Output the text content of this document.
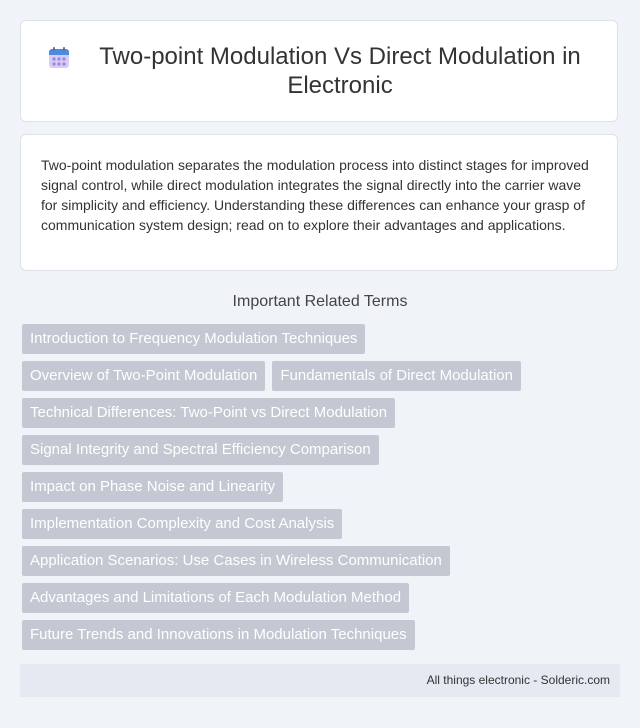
Two-point Modulation Vs Direct Modulation in Electronic

Two-point modulation separates the modulation process into distinct stages for improved signal control, while direct modulation integrates the signal directly into the carrier wave for simplicity and efficiency. Understanding these differences can enhance your grasp of communication system design; read on to explore their advantages and applications.

Important Related Terms
Introduction to Frequency Modulation Techniques
Overview of Two-Point Modulation	Fundamentals of Direct Modulation
Technical Differences: Two-Point vs Direct Modulation
Signal Integrity and Spectral Efficiency Comparison
Impact on Phase Noise and Linearity
Implementation Complexity and Cost Analysis
Application Scenarios: Use Cases in Wireless Communication
Advantages and Limitations of Each Modulation Method
Future Trends and Innovations in Modulation Techniques
All things electronic - Solderic.com
